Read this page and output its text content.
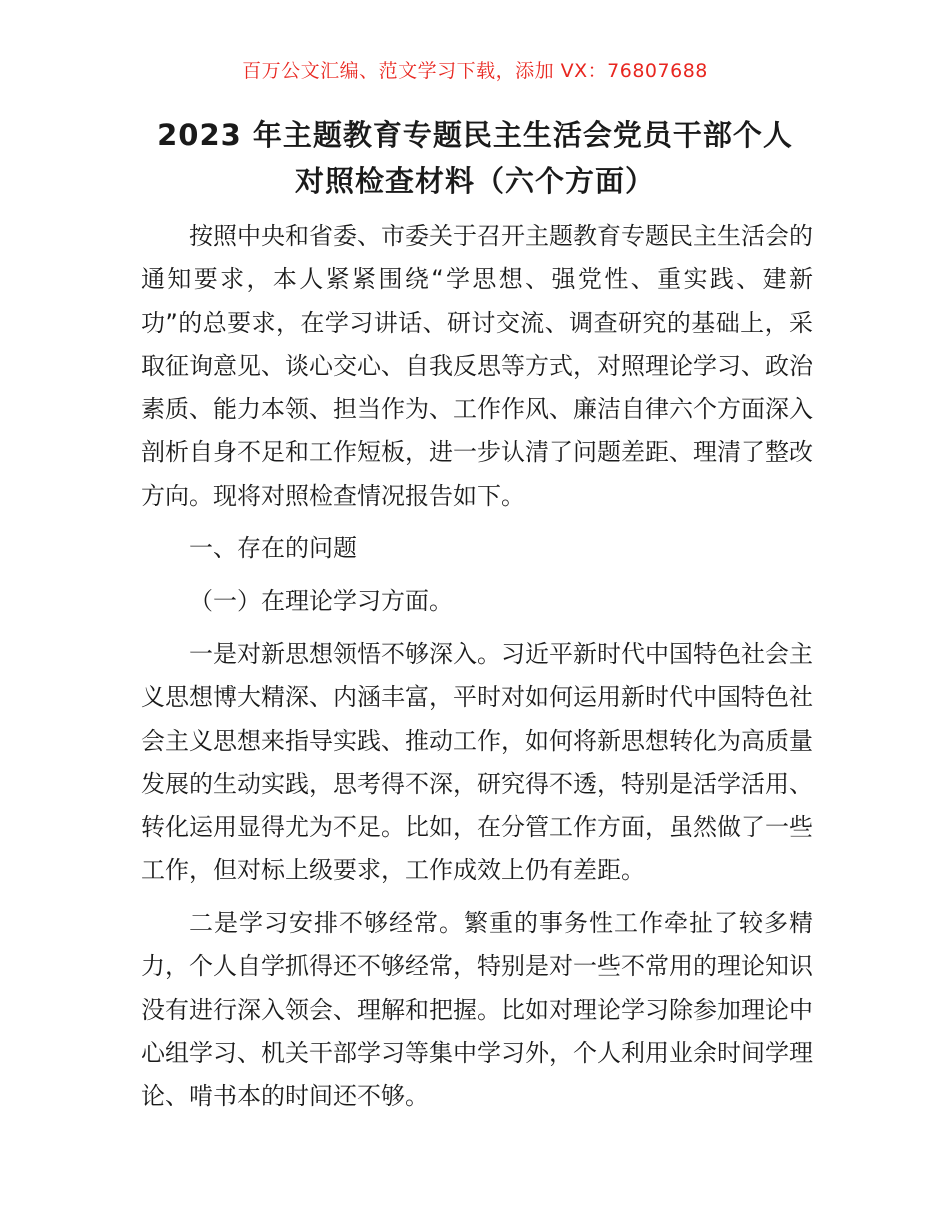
百万公文汇编、范文学习下载，添加 VX：76807688
2023 年主题教育专题民主生活会党员干部个人
对照检查材料（六个方面）

按照中央和省委、市委关于召开主题教育专题民主生活会的通知要求，本人紧紧围绕“学思想、强党性、重实践、建新功”的总要求，在学习讲话、研讨交流、调查研究的基础上，采取征询意见、谈心交心、自我反思等方式，对照理论学习、政治素质、能力本领、担当作为、工作作风、廉洁自律六个方面深入剖析自身不足和工作短板，进一步认清了问题差距、理清了整改方向。现将对照检查情况报告如下。

一、存在的问题

（一）在理论学习方面。

一是对新思想领悟不够深入。习近平新时代中国特色社会主义思想博大精深、内涵丰富，平时对如何运用新时代中国特色社会主义思想来指导实践、推动工作，如何将新思想转化为高质量发展的生动实践，思考得不深，研究得不透，特别是活学活用、转化运用显得尤为不足。比如，在分管工作方面，虽然做了一些工作，但对标上级要求，工作成效上仍有差距。

二是学习安排不够经常。繁重的事务性工作牵扯了较多精力，个人自学抓得还不够经常，特别是对一些不常用的理论知识没有进行深入领会、理解和把握。比如对理论学习除参加理论中心组学习、机关干部学习等集中学习外，个人利用业余时间学理论、啃书本的时间还不够。
